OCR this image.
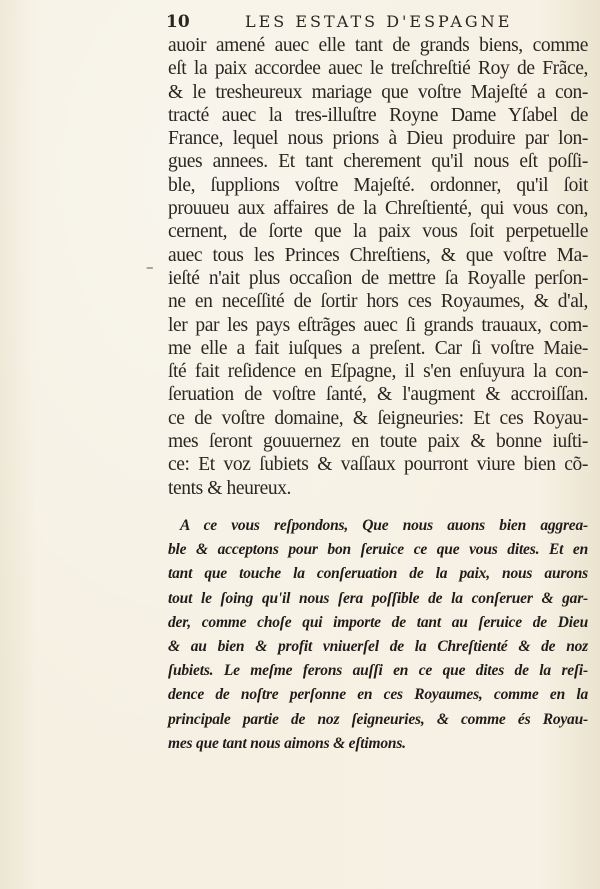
10	LES ESTATS D'ESPAGNE
–
auoir amené auec elle tant de grands biens, comme
eſt la paix accordee auec le treſchreſtié Roy de Frãce,
& le tresheureux mariage que voſtre Majeſté a con-
tracté auec la tres-illuſtre Royne Dame Yſabel de
France, lequel nous prions à Dieu produire par lon-
gues annees. Et tant cherement qu'il nous eſt poſſi-
ble, ſupplions voſtre Majeſté. ordonner, qu'il ſoit
prouueu aux affaires de la Chreſtienté, qui vous con,
cernent, de ſorte que la paix vous ſoit perpetuelle
auec tous les Princes Chreſtiens, & que voſtre Ma-
ieſté n'ait plus occaſion de mettre ſa Royalle perſon-
ne en neceſſité de ſortir hors ces Royaumes, & d'al,
ler par les pays eſtrãges auec ſi grands trauaux, com-
me elle a fait iuſques a preſent. Car ſi voſtre Maie-
ſté fait reſidence en Eſpagne, il s'en enſuyura la con-
ſeruation de voſtre ſanté, & l'augment & accroiſſan.
ce de voſtre domaine, & ſeigneuries: Et ces Royau-
mes ſeront gouuernez en toute paix & bonne iuſti-
ce: Et voz ſubiets & vaſſaux pourront viure bien cõ-
tents & heureux.
A ce vous reſpondons, Que nous auons bien aggrea-
ble & acceptons pour bon ſeruice ce que vous dites. Et en
tant que touche la conſeruation de la paix, nous aurons
tout le ſoing qu'il nous ſera poſſible de la conſeruer & gar-
der, comme choſe qui importe de tant au ſeruice de Dieu
& au bien & profit vniuerſel de la Chreſtienté & de noz
ſubiets. Le meſme ferons auſſi en ce que dites de la reſi-
dence de noſtre perſonne en ces Royaumes, comme en la
principale partie de noz ſeigneuries, & comme és Royau-
mes que tant nous aimons & eſtimons.
